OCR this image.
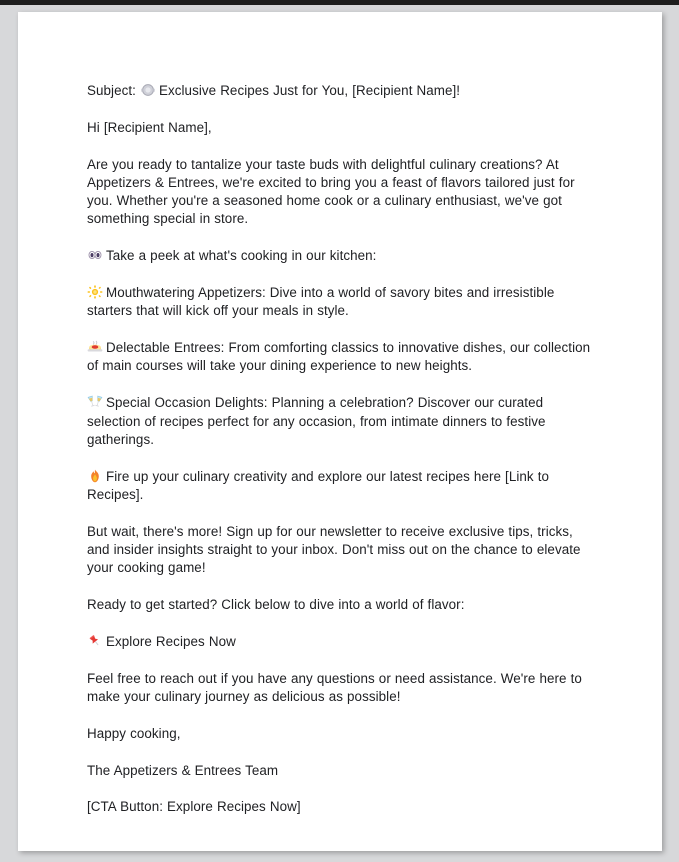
Subject:
Exclusive Recipes Just for You, [Recipient Name]!

Hi [Recipient Name],

Are you ready to tantalize your taste buds with delightful culinary creations? At Appetizers & Entrees, we're excited to bring you a feast of flavors tailored just for you. Whether you're a seasoned home cook or a culinary enthusiast, we've got something special in store.

Take a peek at what's cooking in our kitchen:

Mouthwatering Appetizers: Dive into a world of savory bites and irresistible starters that will kick off your meals in style.

Delectable Entrees: From comforting classics to innovative dishes, our collection of main courses will take your dining experience to new heights.

Special Occasion Delights: Planning a celebration? Discover our curated selection of recipes perfect for any occasion, from intimate dinners to festive gatherings.

Fire up your culinary creativity and explore our latest recipes here [Link to Recipes].

But wait, there's more! Sign up for our newsletter to receive exclusive tips, tricks, and insider insights straight to your inbox. Don't miss out on the chance to elevate your cooking game!

Ready to get started? Click below to dive into a world of flavor:

Explore Recipes Now

Feel free to reach out if you have any questions or need assistance. We're here to make your culinary journey as delicious as possible!

Happy cooking,

The Appetizers & Entrees Team

[CTA Button: Explore Recipes Now]
